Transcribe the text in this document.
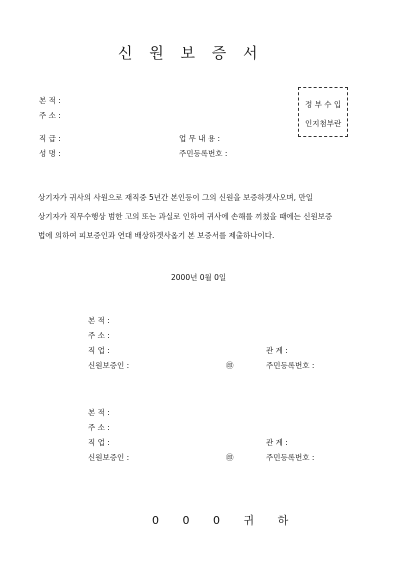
신 원 보 증 서
본 적 :
주 소 :
직 급 :	업 무 내 용 :
성 명 :	주민등록번호 :
정 부 수 입
인지첨부란
상기자가 귀사의 사원으로 재직중 5년간 본인등이 그의 신원을 보증하겟사오며, 만일
상기자가 직무수행상 범한 고의 또는 과실로 인하여 귀사에 손해를 끼쳤을 때에는 신원보증
법에 의하여 피보증인과 연대 배상하겟사옵기 본 보증서를 제출하나이다.
2000년 0월 0일
본 적 :
주 소 :
직 업 :	관 계 :
신원보증인 :	㊞	주민등록번호 :
본 적 :
주 소 :
직 업 :	관 계 :
신원보증인 :	㊞	주민등록번호 :
0 0 0 귀 하
